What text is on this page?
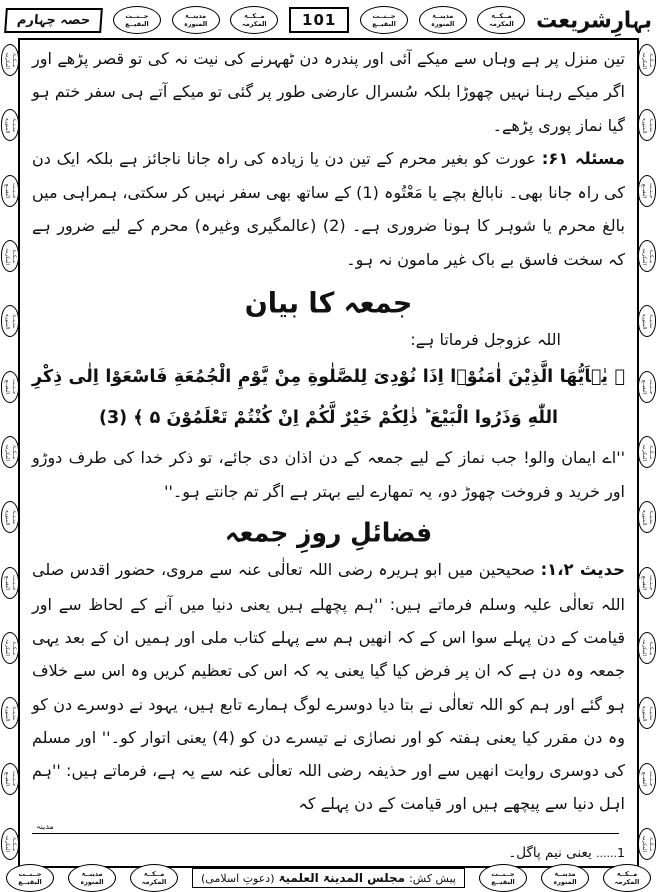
حصہ چہارم	جــنــت
البقیــع
مدینــۃ
المنورہ
مــکــۃ
المکرمہ	101	جــنــت
البقیــع
مدینــۃ
المنورہ
مــکــۃ
المکرمہ بہارِشریعت
مــکــۃ
المکرمہ
مدینــۃ
المنورہ
جــنــت
البقیــع
مــکــۃ
المکرمہ
مدینــۃ
المنورہ
جــنــت
البقیــع
مــکــۃ
المکرمہ
مدینــۃ
المنورہ
جــنــت
البقیــع
مــکــۃ
المکرمہ
مدینــۃ
المنورہ
جــنــت
البقیــع
مــکــۃ
المکرمہ
مــکــۃ
المکرمہ
مدینــۃ
المنورہ
جــنــت
البقیــع
مــکــۃ
المکرمہ
مدینــۃ
المنورہ
جــنــت
البقیــع
مــکــۃ
المکرمہ
مدینــۃ
المنورہ
جــنــت
البقیــع
مــکــۃ
المکرمہ
مدینــۃ
المنورہ
جــنــت
البقیــع
مــکــۃ
المکرمہ

تین منزل پر ہے وہاں سے میکے آئی اور پندرہ دن ٹھہرنے کی نیت نہ کی تو قصر پڑھے اور اگر میکے رہنا نہیں چھوڑا بلکہ سُسرال عارضی طور پر گئی تو میکے آتے ہی سفر ختم ہو گیا نماز پوری پڑھے۔

مسئلہ ۶۱: عورت کو بغیر محرم کے تین دن یا زیادہ کی راہ جانا ناجائز ہے بلکہ ایک دن کی راہ جانا بھی۔ نابالغ بچے یا مَعْتُوہ (1) کے ساتھ بھی سفر نہیں کر سکتی، ہمراہی میں بالغ محرم یا شوہر کا ہونا ضروری ہے۔ (2) (عالمگیری وغیرہ) محرم کے لیے ضرور ہے کہ سخت فاسق بے باک غیر مامون نہ ہو۔

جمعہ کا بیان
اللہ عزوجل فرماتا ہے:
﴿ یٰۤاَیُّهَا الَّذِیْنَ اٰمَنُوْۤا اِذَا نُوْدِیَ لِلصَّلٰوةِ مِنْ یَّوْمِ الْجُمُعَةِ فَاسْعَوْا اِلٰى ذِكْرِ اللّٰهِ وَذَرُوا الْبَیْعَ ؕ ذٰلِكُمْ خَیْرٌ لَّكُمْ اِنْ كُنْتُمْ تَعْلَمُوْنَ ۵ ﴾ (3)

''اے ایمان والو! جب نماز کے لیے جمعہ کے دن اذان دی جائے، تو ذکر خدا کی طرف دوڑو اور خرید و فروخت چھوڑ دو، یہ تمھارے لیے بہتر ہے اگر تم جانتے ہو۔''

فضائلِ روزِ جمعہ

حدیث ۱،۲: صحیحین میں ابو ہریرہ رضی اللہ تعالٰی عنہ سے مروی، حضور اقدس صلی اللہ تعالٰی علیہ وسلم فرماتے ہیں: ''ہم پچھلے ہیں یعنی دنیا میں آنے کے لحاظ سے اور قیامت کے دن پہلے سوا اس کے کہ انھیں ہم سے پہلے کتاب ملی اور ہمیں ان کے بعد یہی جمعہ وہ دن ہے کہ ان پر فرض کیا گیا یعنی یہ کہ اس کی تعظیم کریں وہ اس سے خلاف ہو گئے اور ہم کو اللہ تعالٰی نے بتا دیا دوسرے لوگ ہمارے تابع ہیں، یہود نے دوسرے دن کو وہ دن مقرر کیا یعنی ہفتہ کو اور نصارٰی نے تیسرے دن کو (4) یعنی اتوار کو۔'' اور مسلم کی دوسری روایت انھیں سے اور حذیفہ رضی اللہ تعالٰی عنہ سے یہ ہے، فرماتے ہیں: ''ہم اہل دنیا سے پیچھے ہیں اور قیامت کے دن پہلے کہ

مدینہ
1...... یعنی نیم پاگل۔
جــنــت
البقیــع
مدینــۃ
المنورہ
مــکــۃ
المکرمہ	پیش کش:
مجلس المدینۃ العلمیۃ
(دعوتِ اسلامی)	جــنــت
البقیــع
مدینــۃ
المنورہ
مــکــۃ
المکرمہ
